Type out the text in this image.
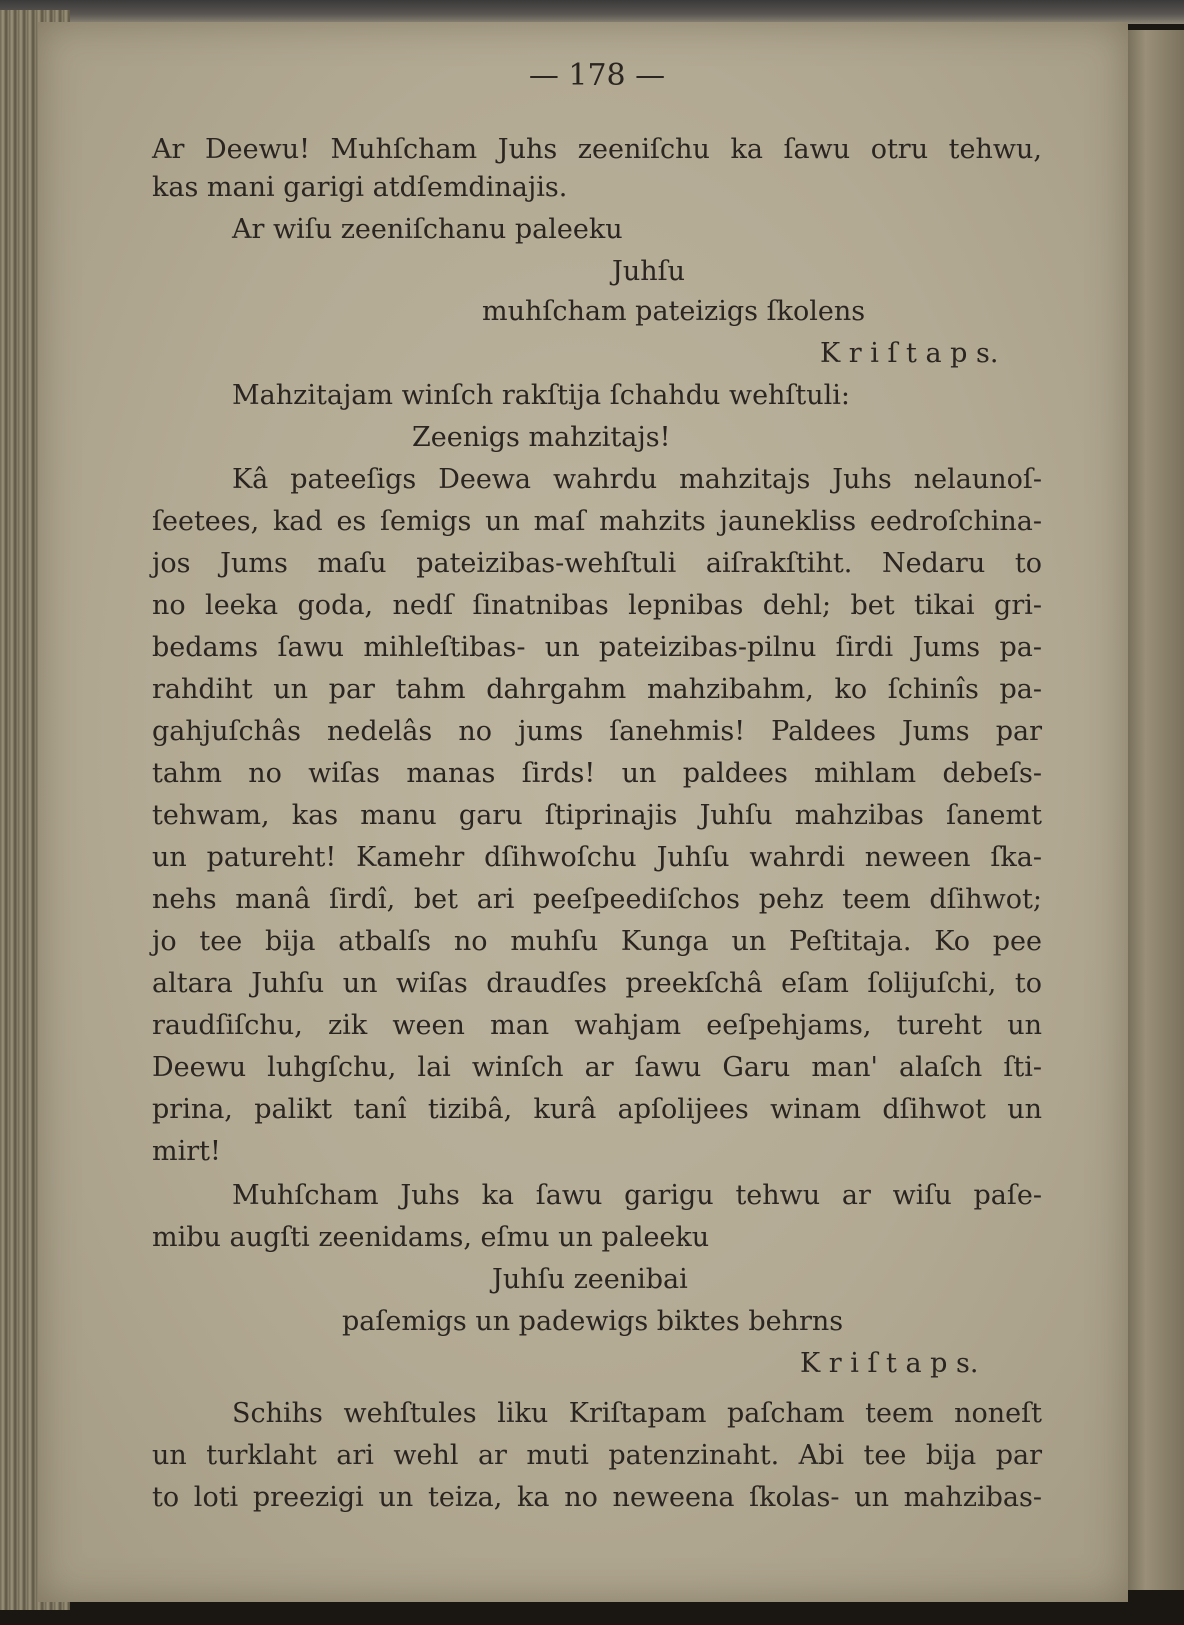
— 178 —
Ar Deewu! Muhſcham Juhs zeeniſchu ka ſawu otru tehwu,
kas mani garigi atdſemdinajis.
Ar wiſu zeeniſchanu paleeku
Juhſu
muhſcham pateizigs ſkolens
K r i ſ t a p s.
Mahzitajam winſch rakſtija ſchahdu wehſtuli:
Zeenigs mahzitajs!
Kâ pateeſigs Deewa wahrdu mahzitajs Juhs nelaunoſ-
ſeetees, kad es ſemigs un maſ mahzits jaunekliss eedroſchina-
jos Jums maſu pateizibas-wehſtuli aiſrakſtiht. Nedaru to
no leeka goda, nedſ ſinatnibas lepnibas dehl; bet tikai gri-
bedams ſawu mihleſtibas- un pateizibas-pilnu ſirdi Jums pa-
rahdiht un par tahm dahrgahm mahzibahm, ko ſchinîs pa-
gahjuſchâs nedelâs no jums ſanehmis! Paldees Jums par
tahm no wiſas manas ſirds! un paldees mihlam debeſs-
tehwam, kas manu garu ſtiprinajis Juhſu mahzibas ſanemt
un patureht! Kamehr dſihwoſchu Juhſu wahrdi neween ſka-
nehs manâ ſirdî, bet ari peeſpeediſchos pehz teem dſihwot;
jo tee bija atbalſs no muhſu Kunga un Peſtitaja. Ko pee
altara Juhſu un wiſas draudſes preekſchâ eſam ſolijuſchi, to
raudſiſchu, zik ween man wahjam eeſpehjams, tureht un
Deewu luhgſchu, lai winſch ar ſawu Garu man' alaſch ſti-
prina, palikt tanî tizibâ, kurâ apſolijees winam dſihwot un
mirt!
Muhſcham Juhs ka ſawu garigu tehwu ar wiſu paſe-
mibu augſti zeenidams, eſmu un paleeku
Juhſu zeenibai
paſemigs un padewigs biktes behrns
K r i ſ t a p s.
Schihs wehſtules liku Kriſtapam paſcham teem noneſt
un turklaht ari wehl ar muti patenzinaht. Abi tee bija par
to loti preezigi un teiza, ka no neweena ſkolas- un mahzibas-
